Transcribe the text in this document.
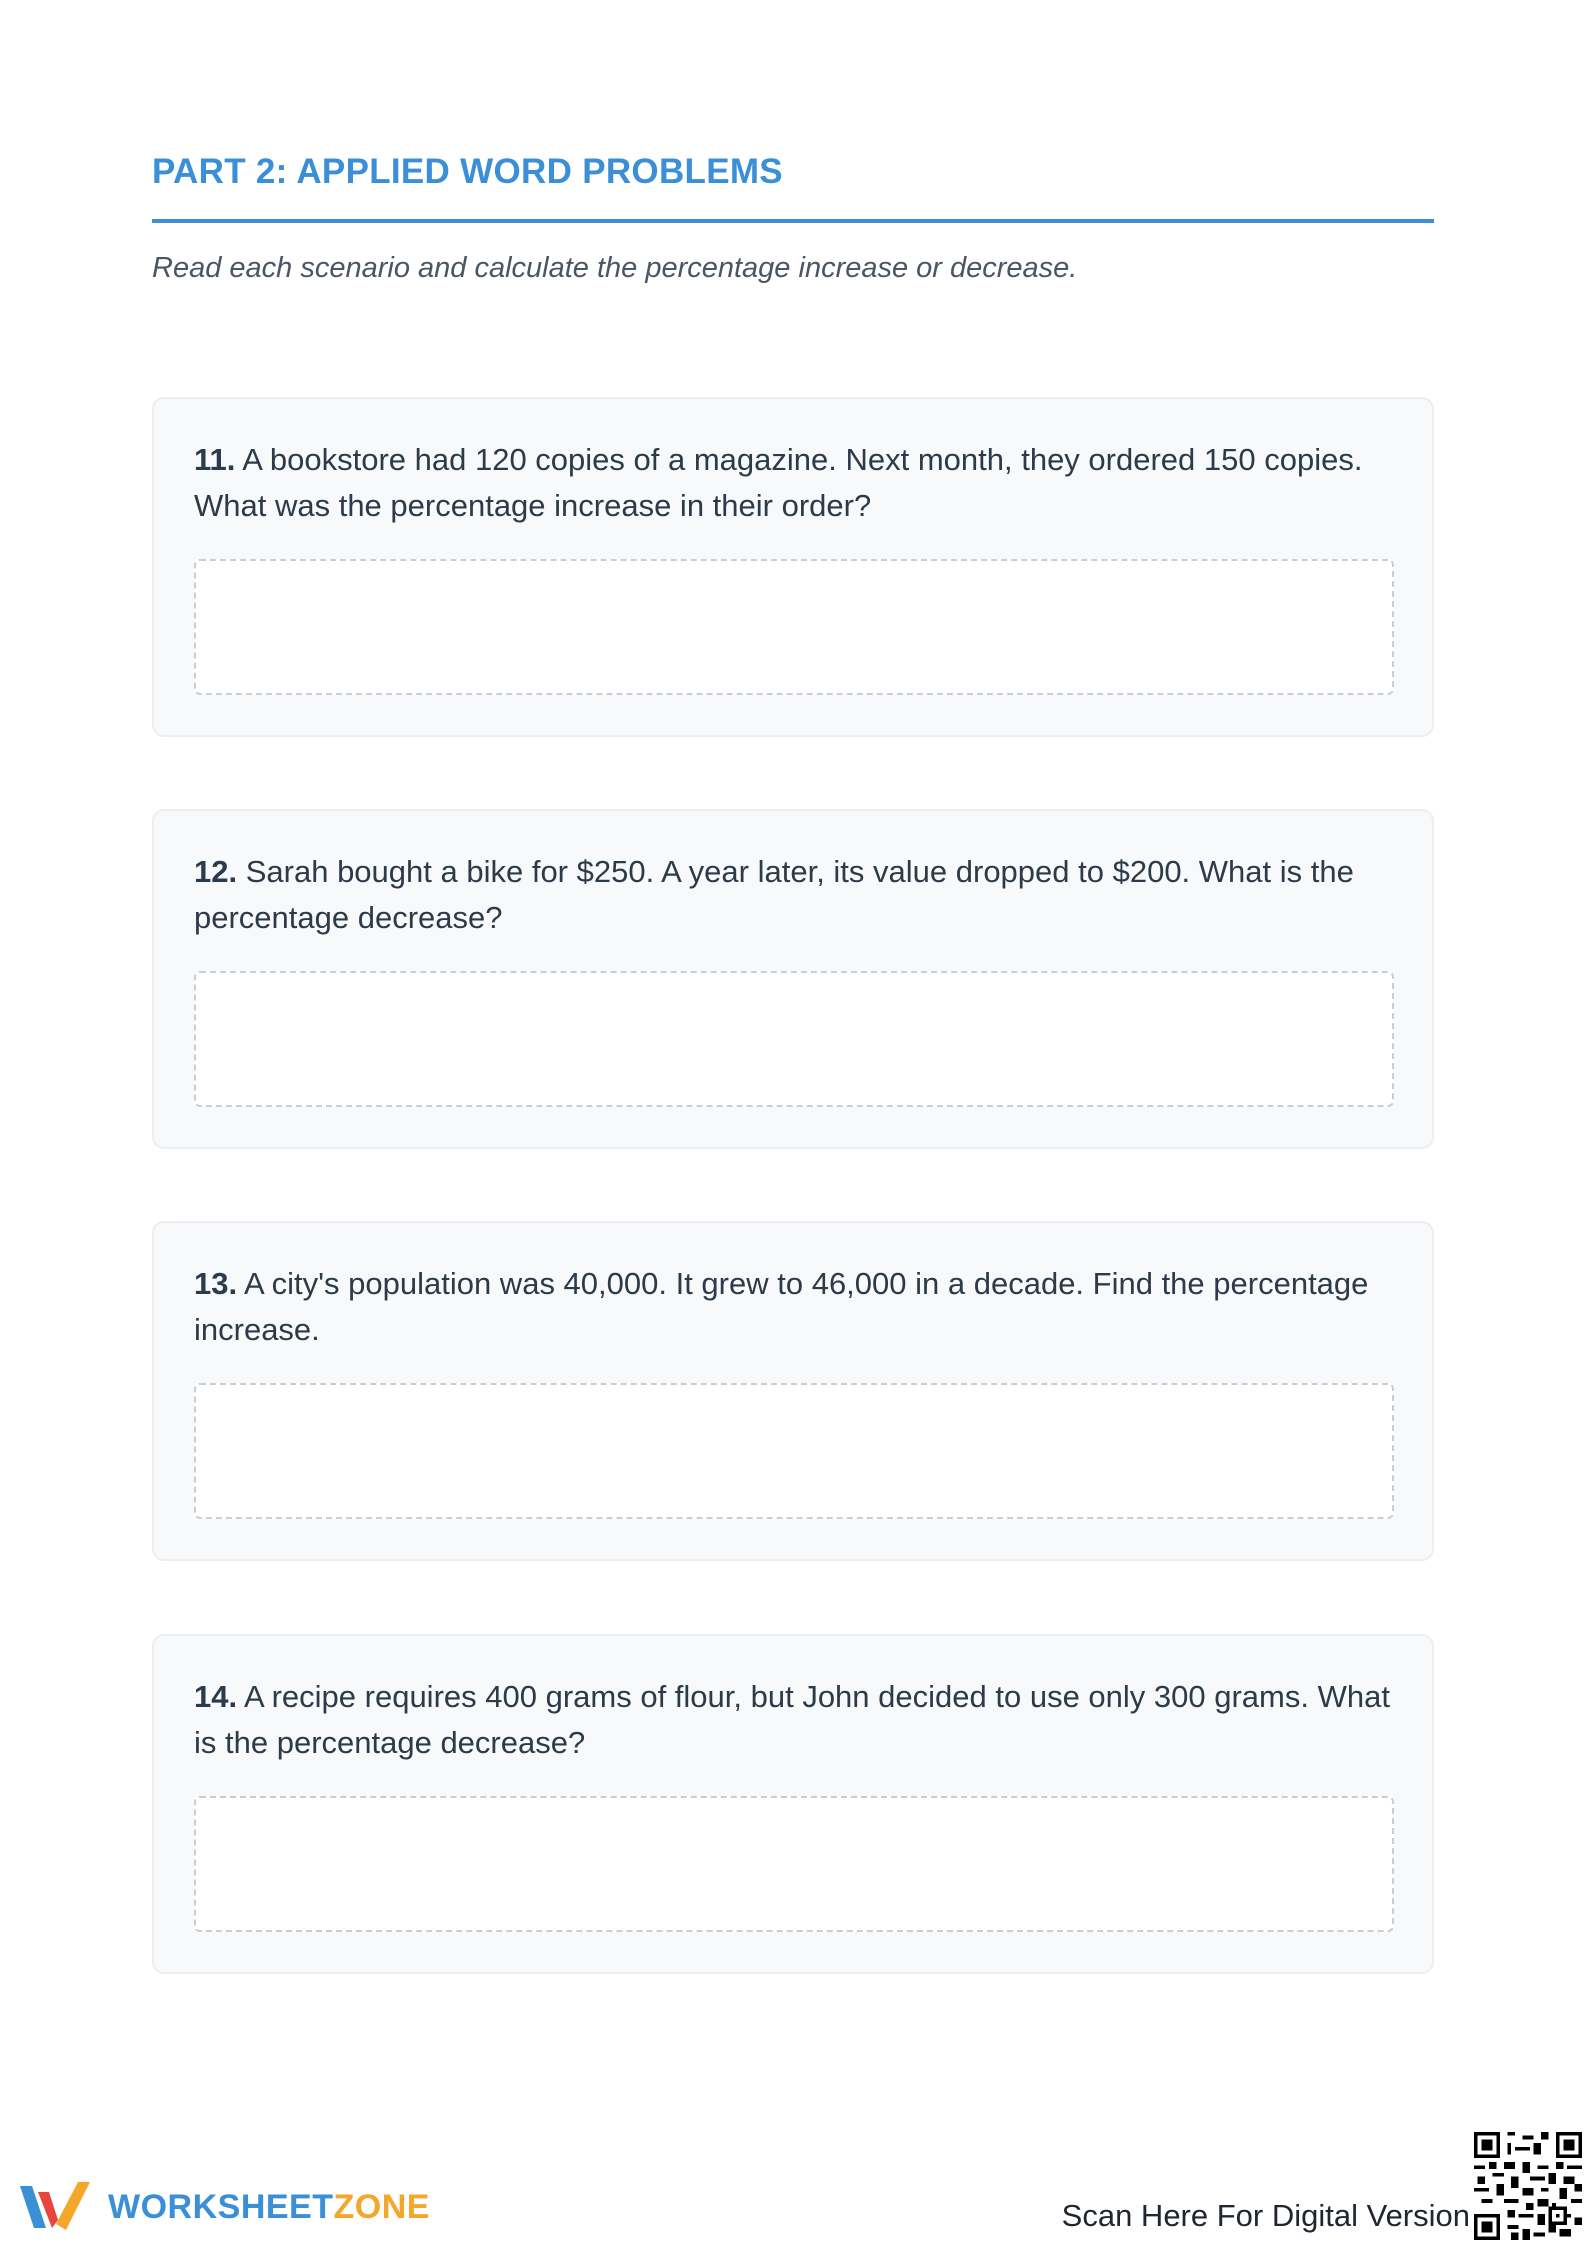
PART 2: APPLIED WORD PROBLEMS

Read each scenario and calculate the percentage increase or decrease.

11. A bookstore had 120 copies of a magazine. Next month, they ordered 150 copies. What was the percentage increase in their order?

12. Sarah bought a bike for $250. A year later, its value dropped to $200. What is the percentage decrease?

13. A city's population was 40,000. It grew to 46,000 in a decade. Find the percentage increase.

14. A recipe requires 400 grams of flour, but John decided to use only 300 grams. What is the percentage decrease?

WORKSHEETZONE	Scan Here For Digital Version
